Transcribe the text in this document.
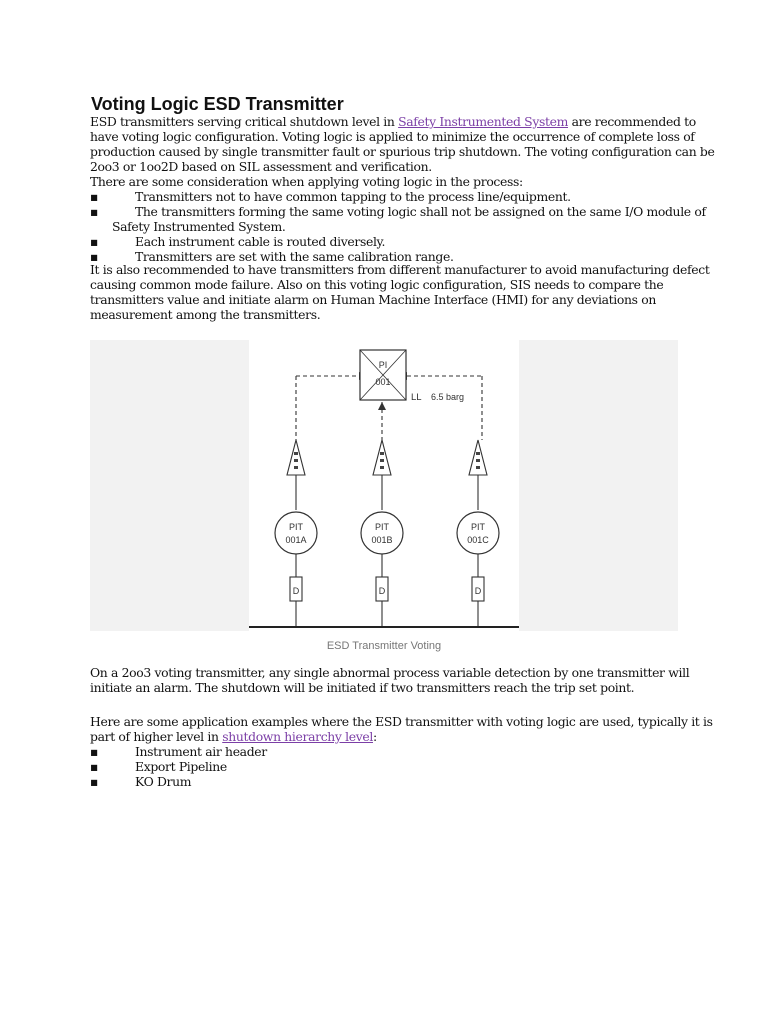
Voting Logic ESD Transmitter
ESD transmitters serving critical shutdown level in Safety Instrumented System are recommended to
have voting logic configuration. Voting logic is applied to minimize the occurrence of complete loss of
production caused by single transmitter fault or spurious trip shutdown. The voting configuration can be
2oo3 or 1oo2D based on SIL assessment and verification.
There are some consideration when applying voting logic in the process:
▪	Transmitters not to have common tapping to the process line/equipment.
▪	The transmitters forming the same voting logic shall not be assigned on the same I/O module of
Safety Instrumented System.
▪	Each instrument cable is routed diversely.
▪	Transmitters are set with the same calibration range.
It is also recommended to have transmitters from different manufacturer to avoid manufacturing defect
causing common mode failure. Also on this voting logic configuration, SIS needs to compare the
transmitters value and initiate alarm on Human Machine Interface (HMI) for any deviations on
measurement among the transmitters.
PI
001
LL 6.5 barg
PIT
001A
D
PIT
001B
D
PIT
001C
D
ESD Transmitter Voting
On a 2oo3 voting transmitter, any single abnormal process variable detection by one transmitter will
initiate an alarm. The shutdown will be initiated if two transmitters reach the trip set point.
Here are some application examples where the ESD transmitter with voting logic are used, typically it is
part of higher level in shutdown hierarchy level:
▪	Instrument air header
▪	Export Pipeline
▪	KO Drum
